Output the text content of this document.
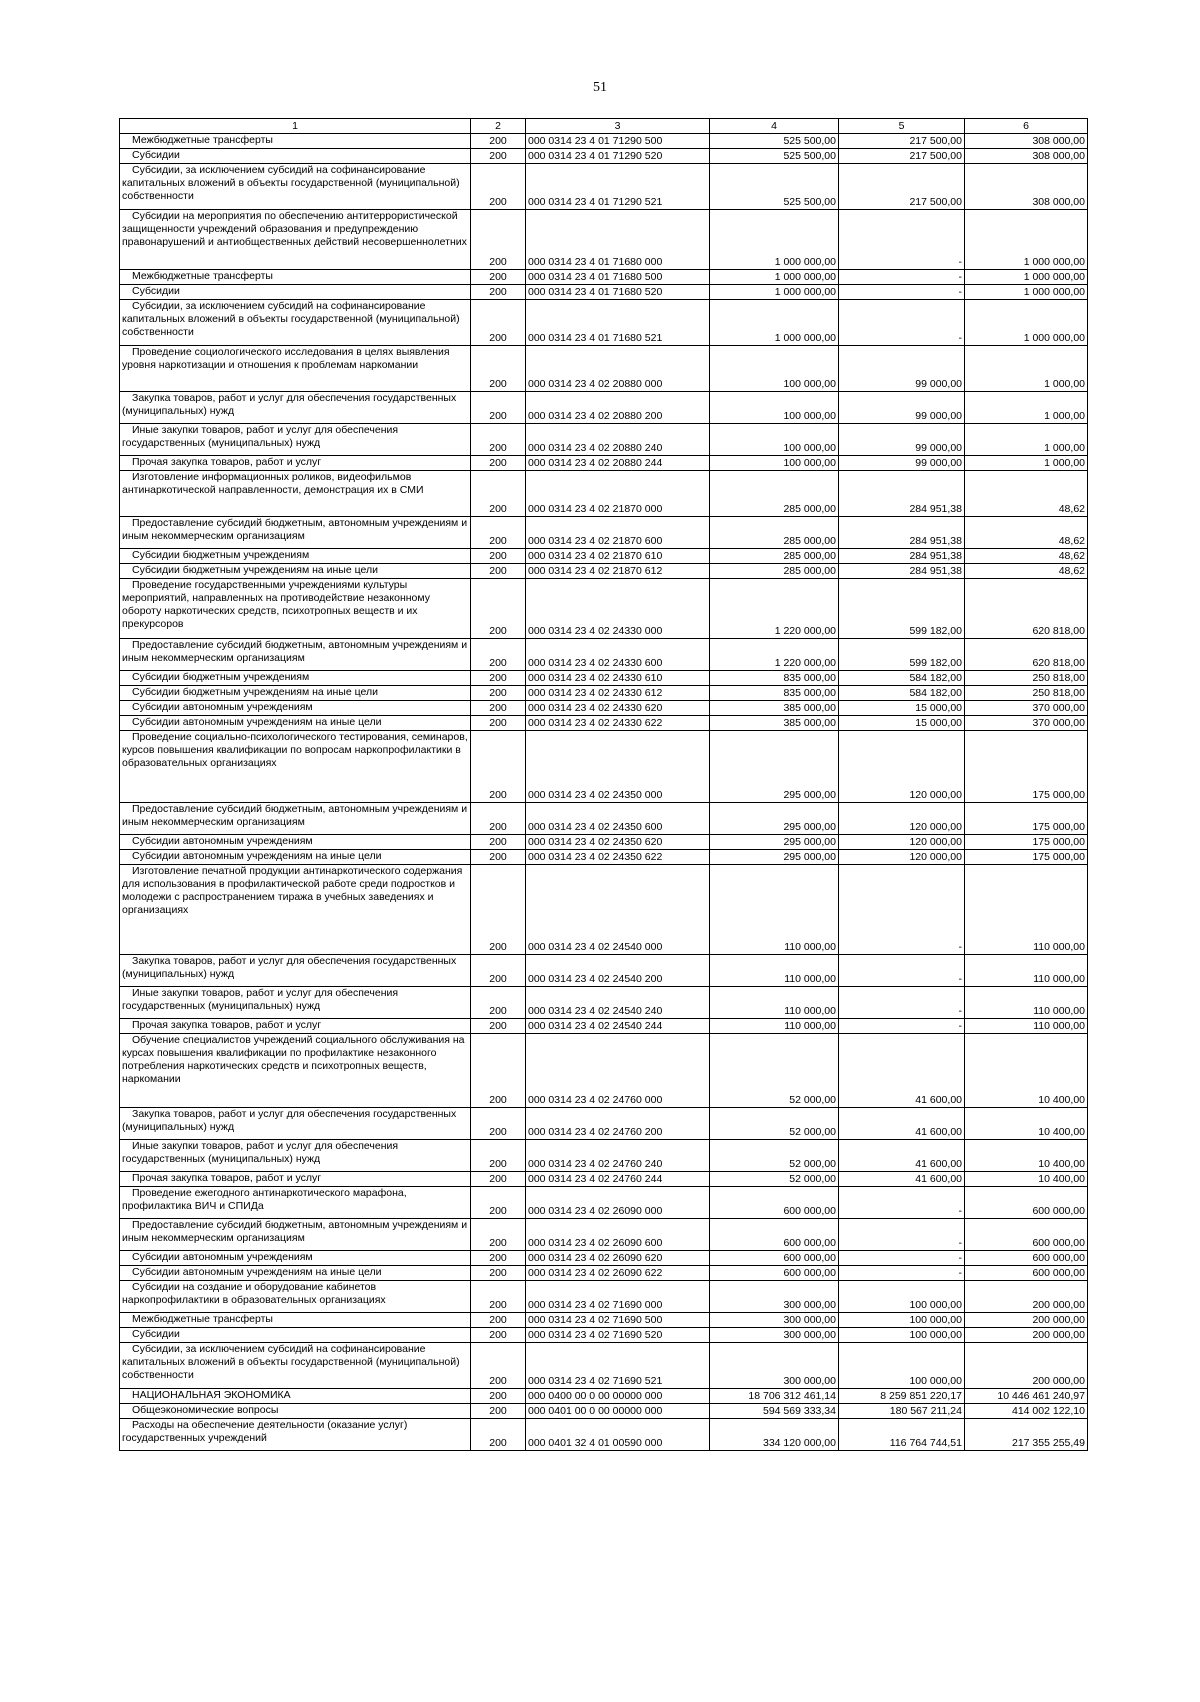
51
1	2	3	4	5	6
Межбюджетные трансферты	200	000 0314 23 4 01 71290 500	525 500,00	217 500,00	308 000,00
Субсидии	200	000 0314 23 4 01 71290 520	525 500,00	217 500,00	308 000,00
Субсидии, за исключением субсидий на софинансирование капитальных вложений в объекты государственной (муниципальной) собственности	200	000 0314 23 4 01 71290 521	525 500,00	217 500,00	308 000,00
Субсидии на мероприятия по обеспечению антитеррористической защищенности учреждений образования и предупреждению правонарушений и антиобщественных действий несовершеннолетних	200	000 0314 23 4 01 71680 000	1 000 000,00	-	1 000 000,00
Межбюджетные трансферты	200	000 0314 23 4 01 71680 500	1 000 000,00	-	1 000 000,00
Субсидии	200	000 0314 23 4 01 71680 520	1 000 000,00	-	1 000 000,00
Субсидии, за исключением субсидий на софинансирование капитальных вложений в объекты государственной (муниципальной) собственности	200	000 0314 23 4 01 71680 521	1 000 000,00	-	1 000 000,00
Проведение социологического исследования в целях выявления уровня наркотизации и отношения к проблемам наркомании	200	000 0314 23 4 02 20880 000	100 000,00	99 000,00	1 000,00
Закупка товаров, работ и услуг для обеспечения государственных (муниципальных) нужд	200	000 0314 23 4 02 20880 200	100 000,00	99 000,00	1 000,00
Иные закупки товаров, работ и услуг для обеспечения государственных (муниципальных) нужд	200	000 0314 23 4 02 20880 240	100 000,00	99 000,00	1 000,00
Прочая закупка товаров, работ и услуг	200	000 0314 23 4 02 20880 244	100 000,00	99 000,00	1 000,00
Изготовление информационных роликов, видеофильмов антинаркотической направленности, демонстрация их в СМИ	200	000 0314 23 4 02 21870 000	285 000,00	284 951,38	48,62
Предоставление субсидий бюджетным, автономным учреждениям и иным некоммерческим организациям	200	000 0314 23 4 02 21870 600	285 000,00	284 951,38	48,62
Субсидии бюджетным учреждениям	200	000 0314 23 4 02 21870 610	285 000,00	284 951,38	48,62
Субсидии бюджетным учреждениям на иные цели	200	000 0314 23 4 02 21870 612	285 000,00	284 951,38	48,62
Проведение государственными учреждениями культуры мероприятий, направленных на противодействие незаконному обороту наркотических средств, психотропных веществ и их прекурсоров	200	000 0314 23 4 02 24330 000	1 220 000,00	599 182,00	620 818,00
Предоставление субсидий бюджетным, автономным учреждениям и иным некоммерческим организациям	200	000 0314 23 4 02 24330 600	1 220 000,00	599 182,00	620 818,00
Субсидии бюджетным учреждениям	200	000 0314 23 4 02 24330 610	835 000,00	584 182,00	250 818,00
Субсидии бюджетным учреждениям на иные цели	200	000 0314 23 4 02 24330 612	835 000,00	584 182,00	250 818,00
Субсидии автономным учреждениям	200	000 0314 23 4 02 24330 620	385 000,00	15 000,00	370 000,00
Субсидии автономным учреждениям на иные цели	200	000 0314 23 4 02 24330 622	385 000,00	15 000,00	370 000,00
Проведение социально-психологического тестирования, семинаров, курсов повышения квалификации по вопросам наркопрофилактики в образовательных организациях	200	000 0314 23 4 02 24350 000	295 000,00	120 000,00	175 000,00
Предоставление субсидий бюджетным, автономным учреждениям и иным некоммерческим организациям	200	000 0314 23 4 02 24350 600	295 000,00	120 000,00	175 000,00
Субсидии автономным учреждениям	200	000 0314 23 4 02 24350 620	295 000,00	120 000,00	175 000,00
Субсидии автономным учреждениям на иные цели	200	000 0314 23 4 02 24350 622	295 000,00	120 000,00	175 000,00
Изготовление печатной продукции антинаркотического содержания для использования в профилактической работе среди подростков и молодежи с распространением тиража в учебных заведениях и организациях	200	000 0314 23 4 02 24540 000	110 000,00	-	110 000,00
Закупка товаров, работ и услуг для обеспечения государственных (муниципальных) нужд	200	000 0314 23 4 02 24540 200	110 000,00	-	110 000,00
Иные закупки товаров, работ и услуг для обеспечения государственных (муниципальных) нужд	200	000 0314 23 4 02 24540 240	110 000,00	-	110 000,00
Прочая закупка товаров, работ и услуг	200	000 0314 23 4 02 24540 244	110 000,00	-	110 000,00
Обучение специалистов учреждений социального обслуживания на курсах повышения квалификации по профилактике незаконного потребления наркотических средств и психотропных веществ, наркомании	200	000 0314 23 4 02 24760 000	52 000,00	41 600,00	10 400,00
Закупка товаров, работ и услуг для обеспечения государственных (муниципальных) нужд	200	000 0314 23 4 02 24760 200	52 000,00	41 600,00	10 400,00
Иные закупки товаров, работ и услуг для обеспечения государственных (муниципальных) нужд	200	000 0314 23 4 02 24760 240	52 000,00	41 600,00	10 400,00
Прочая закупка товаров, работ и услуг	200	000 0314 23 4 02 24760 244	52 000,00	41 600,00	10 400,00
Проведение ежегодного антинаркотического марафона, профилактика ВИЧ и СПИДа	200	000 0314 23 4 02 26090 000	600 000,00	-	600 000,00
Предоставление субсидий бюджетным, автономным учреждениям и иным некоммерческим организациям	200	000 0314 23 4 02 26090 600	600 000,00	-	600 000,00
Субсидии автономным учреждениям	200	000 0314 23 4 02 26090 620	600 000,00	-	600 000,00
Субсидии автономным учреждениям на иные цели	200	000 0314 23 4 02 26090 622	600 000,00	-	600 000,00
Субсидии на создание и оборудование кабинетов наркопрофилактики в образовательных организациях	200	000 0314 23 4 02 71690 000	300 000,00	100 000,00	200 000,00
Межбюджетные трансферты	200	000 0314 23 4 02 71690 500	300 000,00	100 000,00	200 000,00
Субсидии	200	000 0314 23 4 02 71690 520	300 000,00	100 000,00	200 000,00
Субсидии, за исключением субсидий на софинансирование капитальных вложений в объекты государственной (муниципальной) собственности	200	000 0314 23 4 02 71690 521	300 000,00	100 000,00	200 000,00
НАЦИОНАЛЬНАЯ ЭКОНОМИКА	200	000 0400 00 0 00 00000 000	18 706 312 461,14	8 259 851 220,17	10 446 461 240,97
Общеэкономические вопросы	200	000 0401 00 0 00 00000 000	594 569 333,34	180 567 211,24	414 002 122,10
Расходы на обеспечение деятельности (оказание услуг) государственных учреждений	200	000 0401 32 4 01 00590 000	334 120 000,00	116 764 744,51	217 355 255,49
